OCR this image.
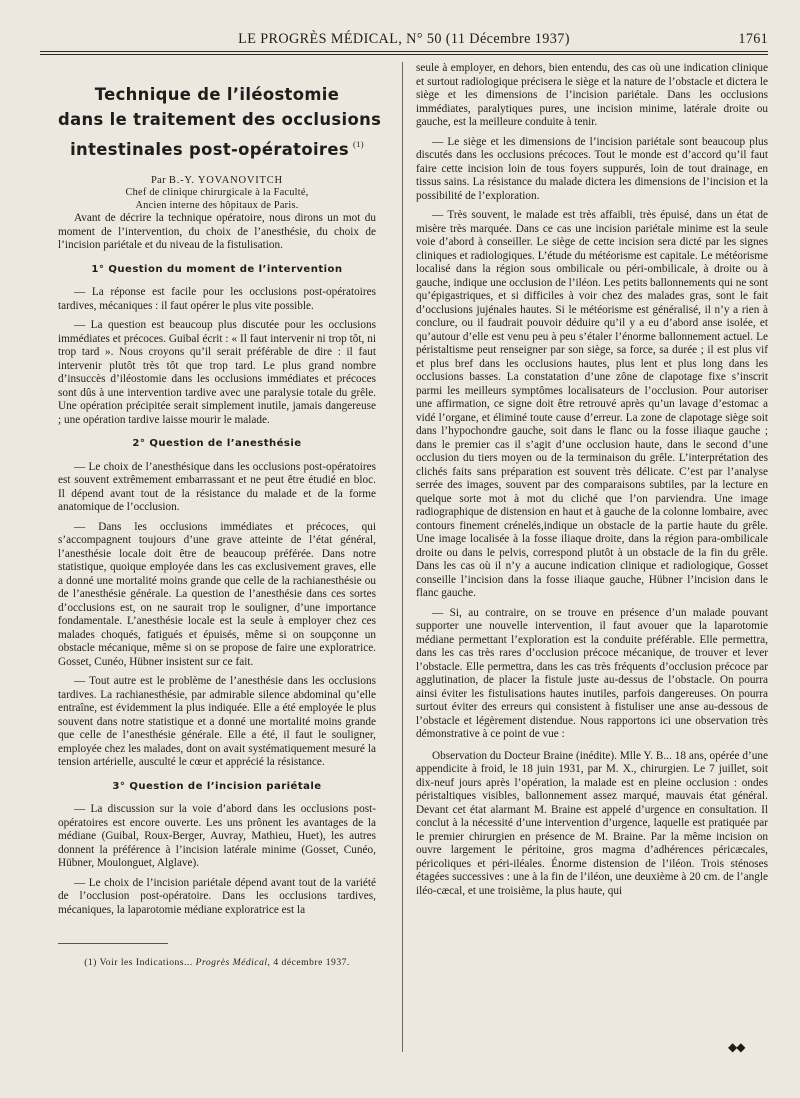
LE PROGRÈS MÉDICAL, N° 50 (11 Décembre 1937)	1761
Technique de l’iléostomie
dans le traitement des occlusions
intestinales post-opératoires $^{(1)}$
Par B.-Y. YOVANOVITCH
Chef de clinique chirurgicale à la Faculté,
Ancien interne des hôpitaux de Paris.

Avant de décrire la technique opératoire, nous dirons un mot du moment de l’intervention, du choix de l’anesthésie, du choix de l’incision pariétale et du niveau de la fistulisation.

1° Question du moment de l’intervention

— La réponse est facile pour les occlusions post-opératoires tardives, mécaniques : il faut opérer le plus vite possible.

— La question est beaucoup plus discutée pour les occlusions immédiates et précoces. Guibal écrit : « Il faut intervenir ni trop tôt, ni trop tard ». Nous croyons qu’il serait préférable de dire : il faut intervenir plutôt très tôt que trop tard. Le plus grand nombre d’insuccès d’iléostomie dans les occlusions immédiates et précoces sont dûs à une intervention tardive avec une paralysie totale du grêle. Une opération précipitée serait simplement inutile, jamais dangereuse ; une opération tardive laisse mourir le malade.

2° Question de l’anesthésie

— Le choix de l’anesthésique dans les occlusions post-opératoires est souvent extrêmement embarrassant et ne peut être étudié en bloc. Il dépend avant tout de la résistance du malade et de la forme anatomique de l’occlusion.

— Dans les occlusions immédiates et précoces, qui s’accompagnent toujours d’une grave atteinte de l’état général, l’anesthésie locale doit être de beaucoup préférée. Dans notre statistique, quoique employée dans les cas exclusivement graves, elle a donné une mortalité moins grande que celle de la rachianesthésie ou de l’anesthésie générale. La question de l’anesthésie dans ces sortes d’occlusions est, on ne saurait trop le souligner, d’une importance fondamentale. L’anesthésie locale est la seule à employer chez ces malades choqués, fatigués et épuisés, même si on soupçonne un obstacle mécanique, même si on se propose de faire une exploratrice. Gosset, Cunéo, Hübner insistent sur ce fait.

— Tout autre est le problème de l’anesthésie dans les occlusions tardives. La rachianesthésie, par admirable silence abdominal qu’elle entraîne, est évidemment la plus indiquée. Elle a été employée le plus souvent dans notre statistique et a donné une mortalité moins grande que celle de l’anesthésie générale. Elle a été, il faut le souligner, employée chez les malades, dont on avait systématiquement mesuré la tension artérielle, ausculté le cœur et apprécié la résistance.

3° Question de l’incision pariétale

— La discussion sur la voie d’abord dans les occlusions post-opératoires est encore ouverte. Les uns prônent les avantages de la médiane (Guibal, Roux-Berger, Auvray, Mathieu, Huet), les autres donnent la préférence à l’incision latérale minime (Gosset, Cunéo, Hübner, Moulonguet, Alglave).

— Le choix de l’incision pariétale dépend avant tout de la variété de l’occlusion post-opératoire. Dans les occlusions tardives, mécaniques, la laparotomie médiane exploratrice est la

(1) Voir les Indications... Progrès Médical, 4 décembre 1937.

seule à employer, en dehors, bien entendu, des cas où une indication clinique et surtout radiologique précisera le siège et la nature de l’obstacle et dictera le siège et les dimensions de l’incision pariétale. Dans les occlusions immédiates, paralytiques pures, une incision minime, latérale droite ou gauche, est la meilleure conduite à tenir.

— Le siège et les dimensions de l’incision pariétale sont beaucoup plus discutés dans les occlusions précoces. Tout le monde est d’accord qu’il faut faire cette incision loin de tous foyers suppurés, loin de tout drainage, en tissus sains. La résistance du malade dictera les dimensions de l’incision et la possibilité de l’exploration.

— Très souvent, le malade est très affaibli, très épuisé, dans un état de misère très marquée. Dans ce cas une incision pariétale minime est la seule voie d’abord à conseiller. Le siège de cette incision sera dicté par les signes cliniques et radiologiques. L’étude du météorisme est capitale. Le météorisme localisé dans la région sous ombilicale ou péri-ombilicale, à droite ou à gauche, indique une occlusion de l’iléon. Les petits ballonnements qui ne sont qu’épigastriques, et si difficiles à voir chez des malades gras, sont le fait d’occlusions jujénales hautes. Si le météorisme est généralisé, il n’y a rien à conclure, ou il faudrait pouvoir déduire qu’il y a eu d’abord anse isolée, et qu’autour d’elle est venu peu à peu s’étaler l’énorme ballonnement actuel. Le péristaltisme peut renseigner par son siège, sa force, sa durée ; il est plus vif et plus bref dans les occlusions hautes, plus lent et plus long dans les occlusions basses. La constatation d’une zône de clapotage fixe s’inscrit parmi les meilleurs symptômes localisateurs de l’occlusion. Pour autoriser une affirmation, ce signe doit être retrouvé après qu’un lavage d’estomac a vidé l’organe, et éliminé toute cause d’erreur. La zone de clapotage siège soit dans l’hypochondre gauche, soit dans le flanc ou la fosse iliaque gauche ; dans le premier cas il s’agit d’une occlusion haute, dans le second d’une occlusion du tiers moyen ou de la terminaison du grêle. L’interprétation des clichés faits sans préparation est souvent très délicate. C’est par l’analyse serrée des images, souvent par des comparaisons subtiles, par la lecture en quelque sorte mot à mot du cliché que l’on parviendra. Une image radiographique de distension en haut et à gauche de la colonne lombaire, avec contours finement crénelés,indique un obstacle de la partie haute du grêle. Une image localisée à la fosse iliaque droite, dans la région para-ombilicale droite ou dans le pelvis, correspond plutôt à un obstacle de la fin du grêle. Dans les cas où il n’y a aucune indication clinique et radiologique, Gosset conseille l’incision dans la fosse iliaque gauche, Hübner l’incision dans le flanc gauche.

— Si, au contraire, on se trouve en présence d’un malade pouvant supporter une nouvelle intervention, il faut avouer que la laparotomie médiane permettant l’exploration est la conduite préférable. Elle permettra, dans les cas très rares d’occlusion précoce mécanique, de trouver et lever l’obstacle. Elle permettra, dans les cas très fréquents d’occlusion précoce par agglutination, de placer la fistule juste au-dessus de l’obstacle. On pourra ainsi éviter les fistulisations hautes inutiles, parfois dangereuses. On pourra surtout éviter des erreurs qui consistent à fistuliser une anse au-dessous de l’obstacle et légèrement distendue. Nous rapportons ici une observation très démonstrative à ce point de vue :

Observation du Docteur Braine (inédite). Mlle Y. B... 18 ans, opérée d’une appendicite à froid, le 18 juin 1931, par M. X., chirurgien. Le 7 juillet, soit dix-neuf jours après l’opération, la malade est en pleine occlusion : ondes péristaltiques visibles, ballonnement assez marqué, mauvais état général. Devant cet état alarmant M. Braine est appelé d’urgence en consultation. Il conclut à la nécessité d’une intervention d’urgence, laquelle est pratiquée par le premier chirurgien en présence de M. Braine. Par la même incision on ouvre largement le péritoine, gros magma d’adhérences péricæcales, péricoliques et péri-iléales. Énorme distension de l’iléon. Trois sténoses étagées successives : une à la fin de l’iléon, une deuxième à 20 cm. de l’angle iléo-cæcal, et une troisième, la plus haute, qui

◆◆
